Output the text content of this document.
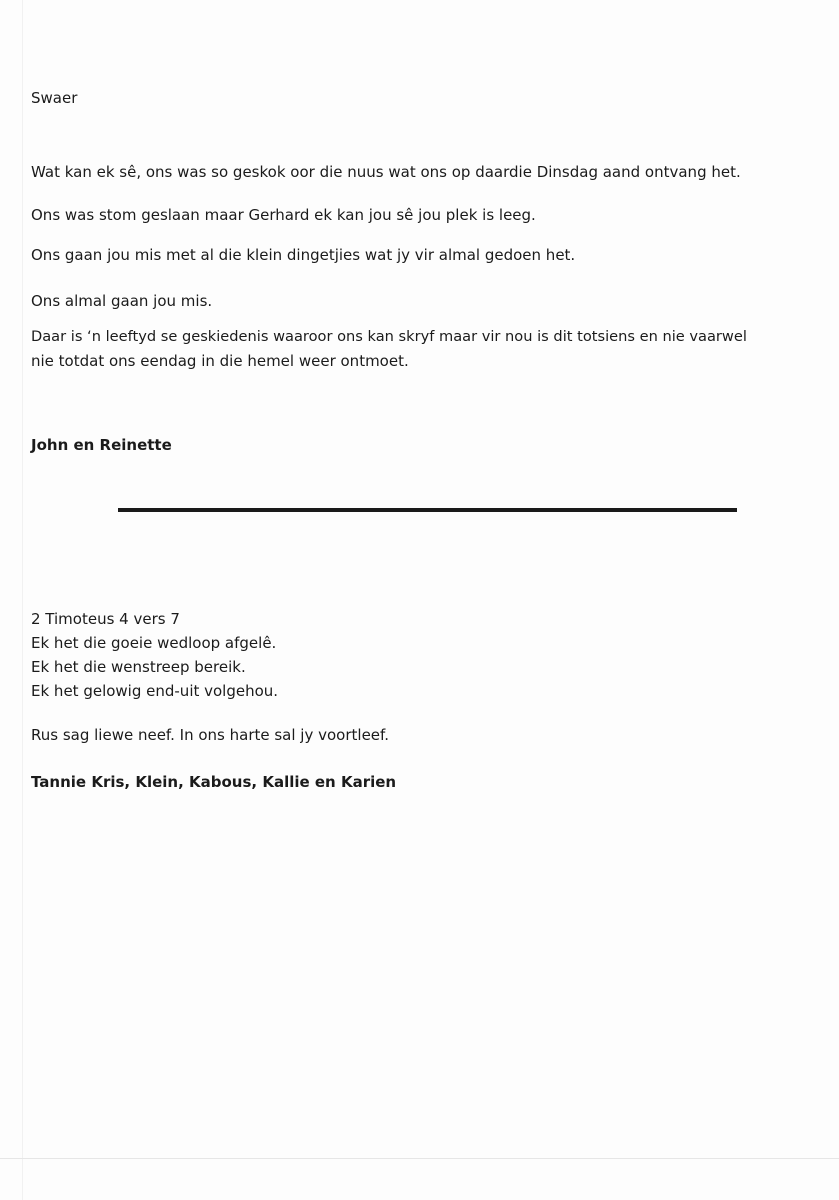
Swaer

Wat kan ek sê, ons was so geskok oor die nuus wat ons op daardie Dinsdag aand ontvang het.

Ons was stom geslaan maar Gerhard ek kan jou sê jou plek is leeg.

Ons gaan jou mis met al die klein dingetjies wat jy vir almal gedoen het.

Ons almal gaan jou mis.

Daar is ‘n leeftyd se geskiedenis waaroor ons kan skryf maar vir nou is dit totsiens en nie vaarwel

nie totdat ons eendag in die hemel weer ontmoet.

John en Reinette

2 Timoteus 4 vers 7
Ek het die goeie wedloop afgelê.
Ek het die wenstreep bereik.
Ek het gelowig end-uit volgehou.

Rus sag liewe neef. In ons harte sal jy voortleef.

Tannie Kris, Klein, Kabous, Kallie en Karien
